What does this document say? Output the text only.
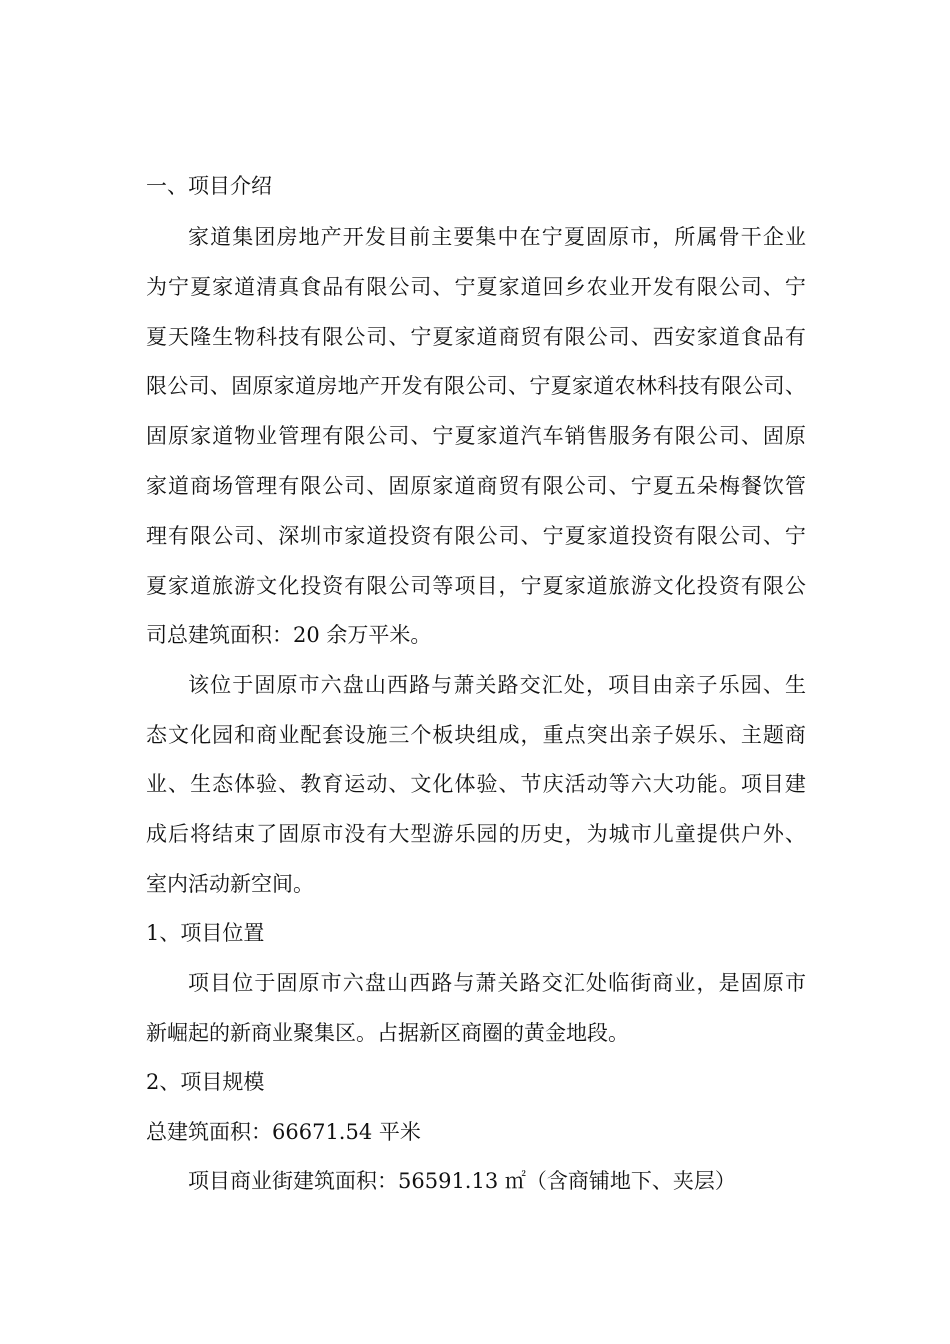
一、项目介绍
家 道 集 团 房 地 产 开 发 目 前 主 要 集 中 在 宁 夏 固 原 市 ， 所 属 骨 干 企 业
为 宁 夏 家 道 清 真 食 品 有 限 公 司 、 宁 夏 家 道 回 乡 农 业 开 发 有 限 公 司 、 宁
夏 天 隆 生 物 科 技 有 限 公 司 、 宁 夏 家 道 商 贸 有 限 公 司 、 西 安 家 道 食 品 有
限 公 司 、 固 原 家 道 房 地 产 开 发 有 限 公 司 、 宁 夏 家 道 农 林 科 技 有 限 公 司 、
固 原 家 道 物 业 管 理 有 限 公 司 、 宁 夏 家 道 汽 车 销 售 服 务 有 限 公 司 、 固 原
家 道 商 场 管 理 有 限 公 司 、 固 原 家 道 商 贸 有 限 公 司 、 宁 夏 五 朵 梅 餐 饮 管
理 有 限 公 司 、 深 圳 市 家 道 投 资 有 限 公 司 、 宁 夏 家 道 投 资 有 限 公 司 、 宁
夏 家 道 旅 游 文 化 投 资 有 限 公 司 等 项 目 ， 宁 夏 家 道 旅 游 文 化 投 资 有 限 公
司总建筑面积：20 余万平米。
该 位 于 固 原 市 六 盘 山 西 路 与 萧 关 路 交 汇 处 ， 项 目 由 亲 子 乐 园 、 生
态 文 化 园 和 商 业 配 套 设 施 三 个 板 块 组 成 ， 重 点 突 出 亲 子 娱 乐 、 主 题 商
业 、 生 态 体 验 、 教 育 运 动 、 文 化 体 验 、 节 庆 活 动 等 六 大 功 能 。 项 目 建
成 后 将 结 束 了 固 原 市 没 有 大 型 游 乐 园 的 历 史 ， 为 城 市 儿 童 提 供 户 外 、
室内活动新空间。
1、项目位置
项 目 位 于 固 原 市 六 盘 山 西 路 与 萧 关 路 交 汇 处 临 街 商 业 ， 是 固 原 市
新崛起的新商业聚集区。占据新区商圈的黄金地段。
2、项目规模
总建筑面积：66671.54 平米
项目商业街建筑面积：56591.13 ㎡（含商铺地下、夹层）
